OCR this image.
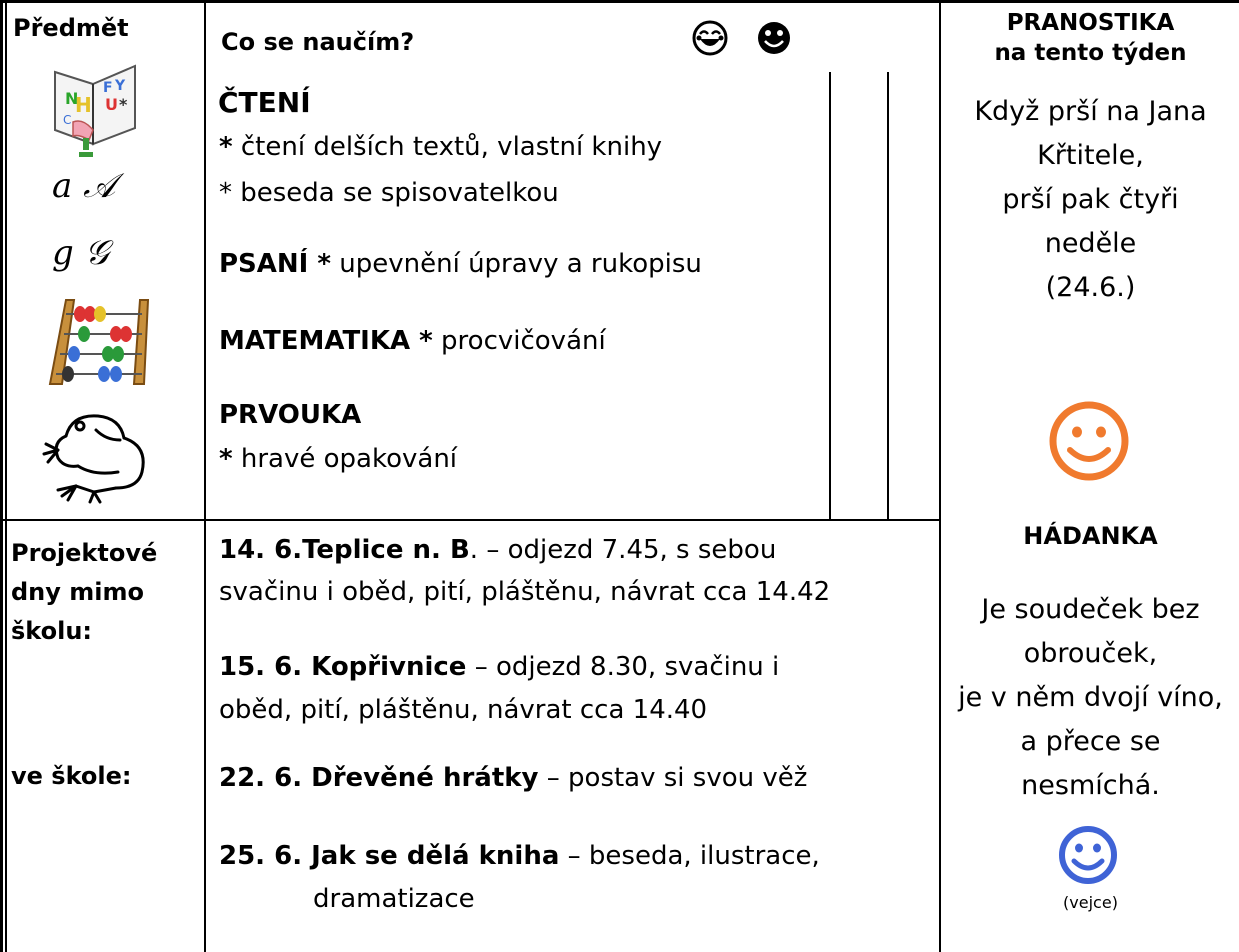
Předmět	Co se naučím?
N
H
F Y
U *
C
a 𝒜
g 𝒢
ČTENÍ
* čtení delších textů, vlastní knihy
* beseda se spisovatelkou
PSANÍ * upevnění úpravy a rukopisu
MATEMATIKA * procvičování
PRVOUKA
* hravé opakování
Projektové
dny mimo
školu:
ve škole:
14. 6.Teplice n. B. – odjezd 7.45, s sebou
svačinu i oběd, pití, pláštěnu, návrat cca 14.42
15. 6. Kopřivnice – odjezd 8.30, svačinu i
oběd, pití, pláštěnu, návrat cca 14.40
22. 6. Dřevěné hrátky – postav si svou věž
25. 6. Jak se dělá kniha – beseda, ilustrace,
dramatizace
PRANOSTIKA
na tento týden
Když prší na Jana
Křtitele,
prší pak čtyři
neděle
(24.6.)
HÁDANKA
Je soudeček bez
obrouček,
je v něm dvojí víno,
a přece se
nesmíchá.
(vejce)
